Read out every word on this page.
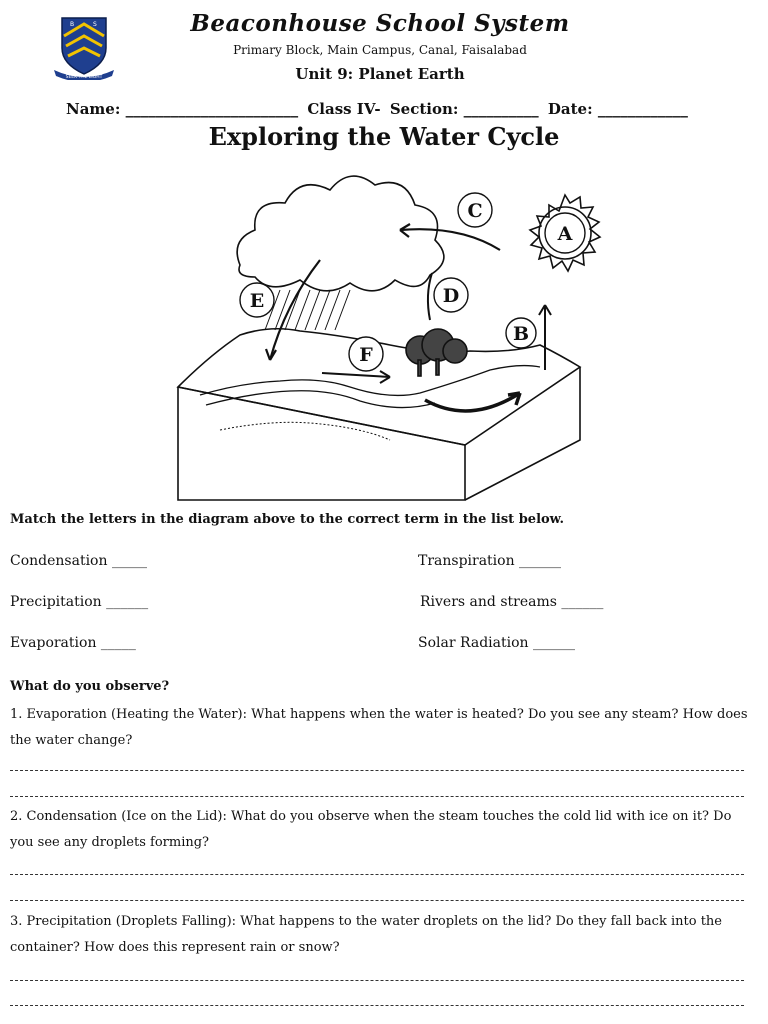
B	S
SEEK THE LIGHT
Beaconhouse School System
Primary Block, Main Campus, Canal, Faisalabad
Unit 9: Planet Earth
Name: _______________________ Class IV- Section: __________ Date: ____________
Exploring the Water Cycle
A
B
C
D
E
F
Match the letters in the diagram above to the correct term in the list below.
Condensation _____
Precipitation ______
Evaporation _____
Transpiration ______
Rivers and streams ______
Solar Radiation ______
What do you observe?
1. Evaporation (Heating the Water): What happens when the water is heated? Do you see any steam? How does the water change?
2. Condensation (Ice on the Lid): What do you observe when the steam touches the cold lid with ice on it? Do you see any droplets forming?
3. Precipitation (Droplets Falling): What happens to the water droplets on the lid? Do they fall back into the container? How does this represent rain or snow?
